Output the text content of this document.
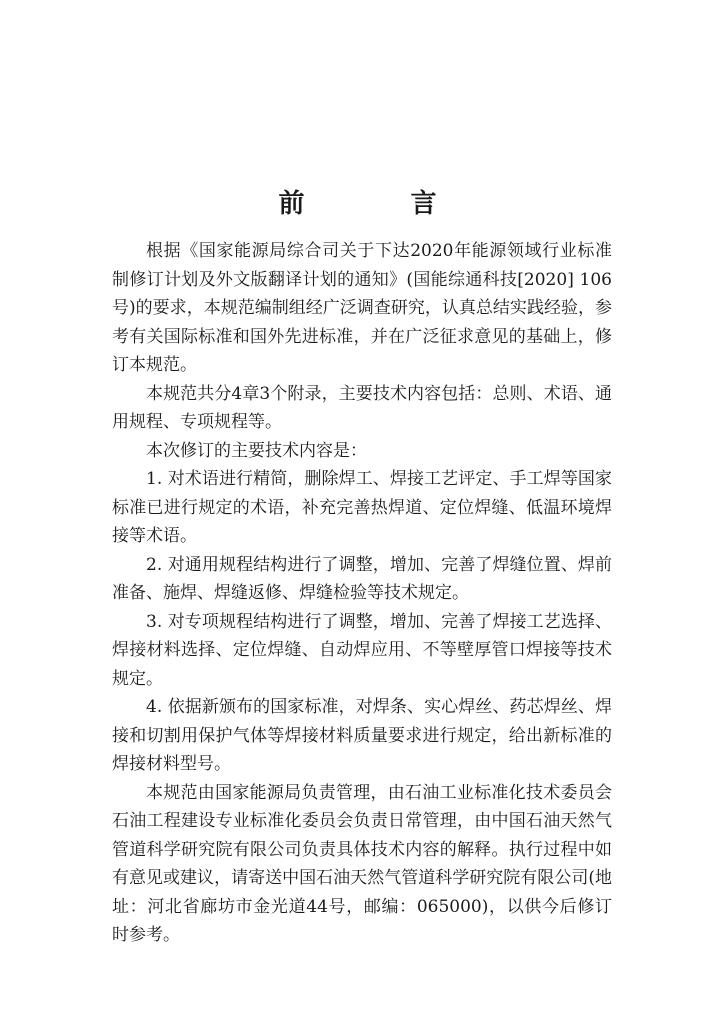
前　言

根据《国家能源局综合司关于下达2020年能源领域行业标准制修订计划及外文版翻译计划的通知》(国能综通科技[2020] 106号)的要求，本规范编制组经广泛调查研究，认真总结实践经验，参考有关国际标准和国外先进标准，并在广泛征求意见的基础上，修订本规范。

本规范共分4章3个附录，主要技术内容包括：总则、术语、通用规程、专项规程等。

本次修订的主要技术内容是：

1. 对术语进行精简，删除焊工、焊接工艺评定、手工焊等国家标准已进行规定的术语，补充完善热焊道、定位焊缝、低温环境焊接等术语。

2. 对通用规程结构进行了调整，增加、完善了焊缝位置、焊前准备、施焊、焊缝返修、焊缝检验等技术规定。

3. 对专项规程结构进行了调整，增加、完善了焊接工艺选择、焊接材料选择、定位焊缝、自动焊应用、不等壁厚管口焊接等技术规定。

4. 依据新颁布的国家标准，对焊条、实心焊丝、药芯焊丝、焊接和切割用保护气体等焊接材料质量要求进行规定，给出新标准的焊接材料型号。

本规范由国家能源局负责管理，由石油工业标准化技术委员会石油工程建设专业标准化委员会负责日常管理，由中国石油天然气管道科学研究院有限公司负责具体技术内容的解释。执行过程中如有意见或建议，请寄送中国石油天然气管道科学研究院有限公司(地址：河北省廊坊市金光道44号，邮编：065000)，以供今后修订时参考。
